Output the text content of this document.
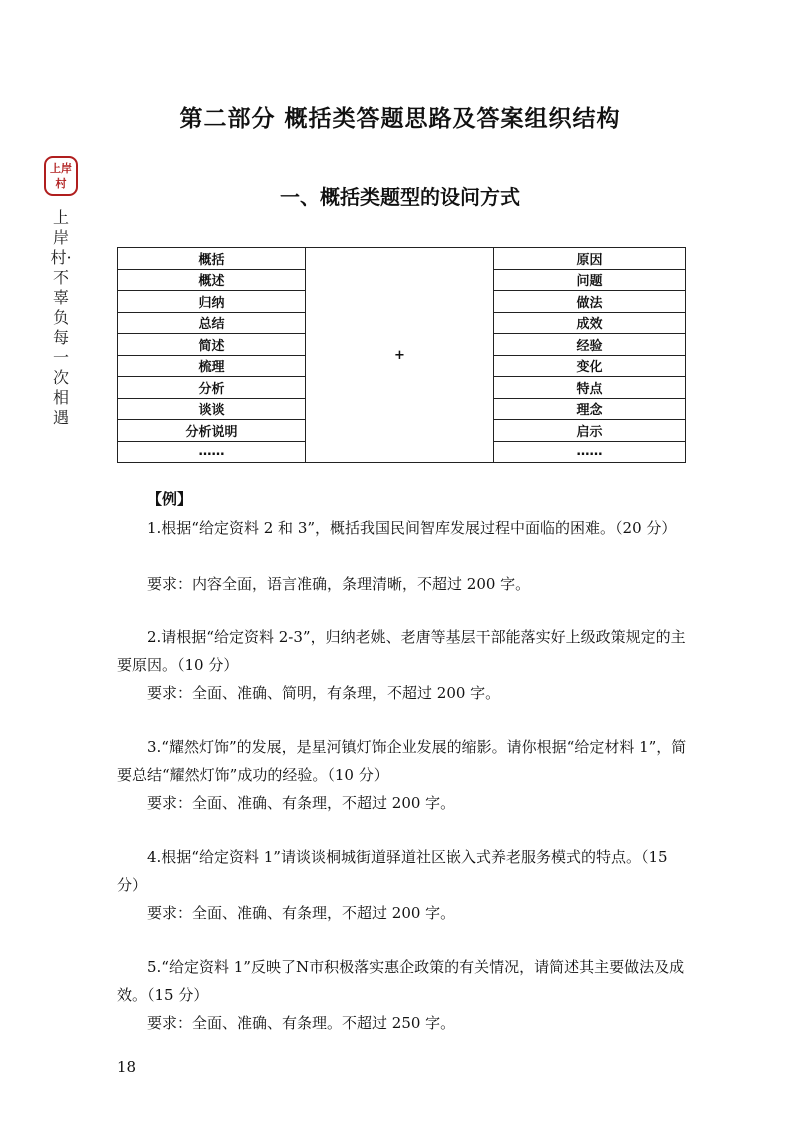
上岸村
上岸村·不辜负每一次相遇
第二部分 概括类答题思路及答案组织结构
一、概括类题型的设问方式
概括	+	原因
概述		问题
归纳		做法
总结		成效
简述		经验
梳理		变化
分析		特点
谈谈		理念
分析说明		启示
……		……
【例】
1.根据“给定资料 2 和 3”，概括我国民间智库发展过程中面临的困难。（20 分）
要求：内容全面，语言准确，条理清晰，不超过 200 字。
2.请根据“给定资料 2-3”，归纳老姚、老唐等基层干部能落实好上级政策规定的主要原因。（10 分）
要求：全面、准确、简明，有条理，不超过 200 字。
3.“耀然灯饰”的发展，是星河镇灯饰企业发展的缩影。请你根据“给定材料 1”，简要总结“耀然灯饰”成功的经验。（10 分）
要求：全面、准确、有条理，不超过 200 字。
4.根据“给定资料 1”请谈谈桐城街道驿道社区嵌入式养老服务模式的特点。（15 分）
要求：全面、准确、有条理，不超过 200 字。
5.“给定资料 1”反映了N市积极落实惠企政策的有关情况，请简述其主要做法及成效。（15 分）
要求：全面、准确、有条理。不超过 250 字。
18
